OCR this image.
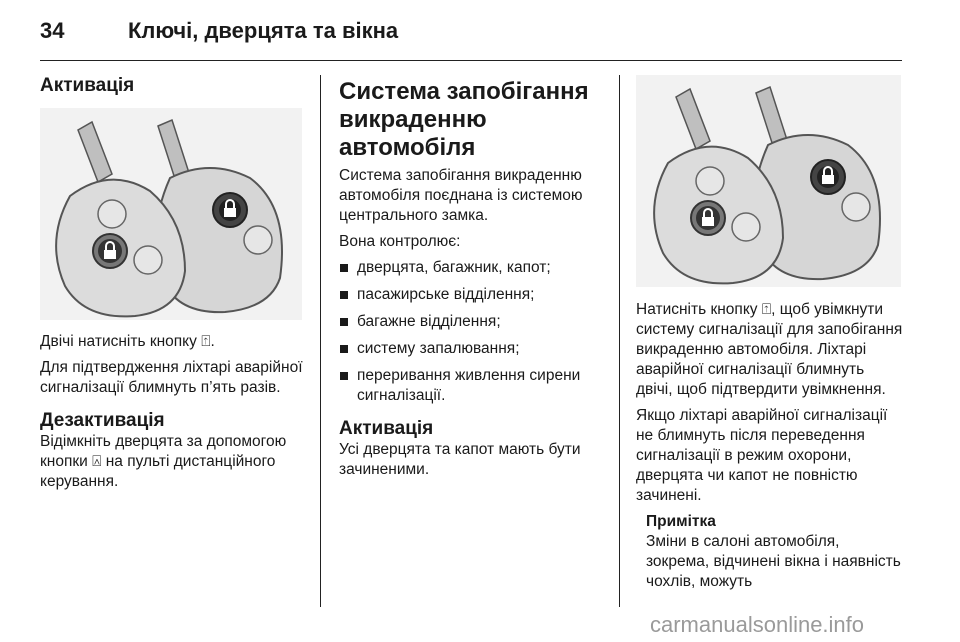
34	Ключі, дверцята та вікна
Активація

Двічі натисніть кнопку ⍐.

Для підтвердження ліхтарі аварійної сигналізації блимнуть п’ять разів.

Дезактивація

Відімкніть дверцята за допомогою кнопки ⍓ на пульті дистанційного керування.

Система запобігання
викраденню автомобіля

Система запобігання викраденню автомобіля поєднана із системою центрального замка.

Вона контролює:

дверцята, багажник, капот;
пасажирське відділення;
багажне відділення;
систему запалювання;
переривання живлення сирени сигналізації.
Активація

Усі дверцята та капот мають бути зачиненими.

Натисніть кнопку ⍐, щоб увімкнути систему сигналізації для запобігання викраденню автомобіля. Ліхтарі аварійної сигналізації блимнуть двічі, щоб підтвердити увімкнення.

Якщо ліхтарі аварійної сигналізації не блимнуть після переведення сигналізації в режим охорони, дверцята чи капот не повністю зачинені.

Примітка
Зміни в салоні автомобіля, зокрема, відчинені вікна і наявність чохлів, можуть
carmanualsonline.info
